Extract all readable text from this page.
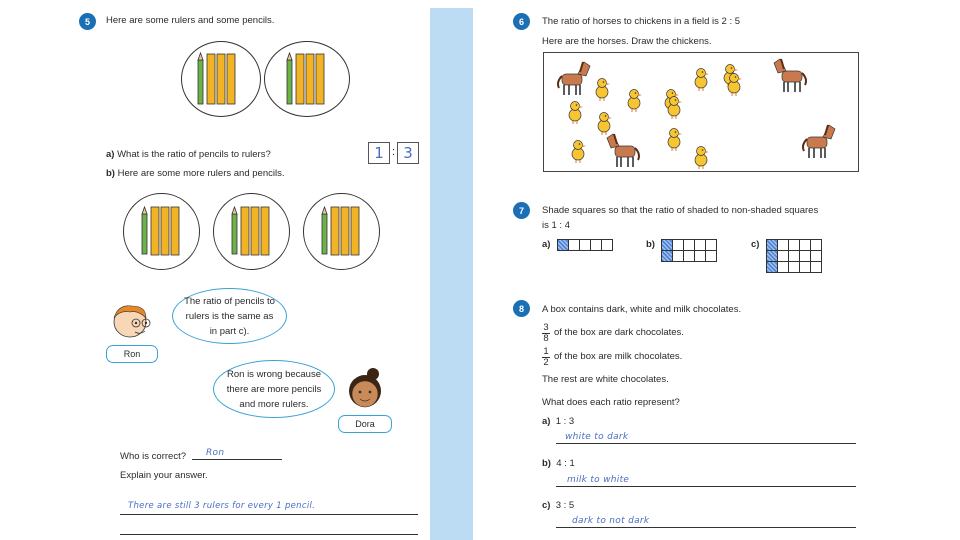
5	Here are some rulers and some pencils.
a) What is the ratio of pencils to rulers?	1 : 3
b) Here are some more rulers and pencils.
Ron
The ratio of pencils to rulers is the same as in part c).
Ron is wrong because there are more pencils and more rulers.
Dora
Who is correct? Ron
Explain your answer.
There are still 3 rulers for every 1 pencil.
6	The ratio of horses to chickens in a field is 2 : 5
Here are the horses. Draw the chickens.
7	Shade squares so that the ratio of shaded to non-shaded squares
is 1 : 4
a)	b)	c)
8	A box contains dark, white and milk chocolates.
$\frac{3}{8}$ of the box are dark chocolates.
$\frac{1}{2}$ of the box are milk chocolates.
The rest are white chocolates.
What does each ratio represent?
a) 1 : 3
white to dark
b) 4 : 1
milk to white
c) 3 : 5
dark to not dark
